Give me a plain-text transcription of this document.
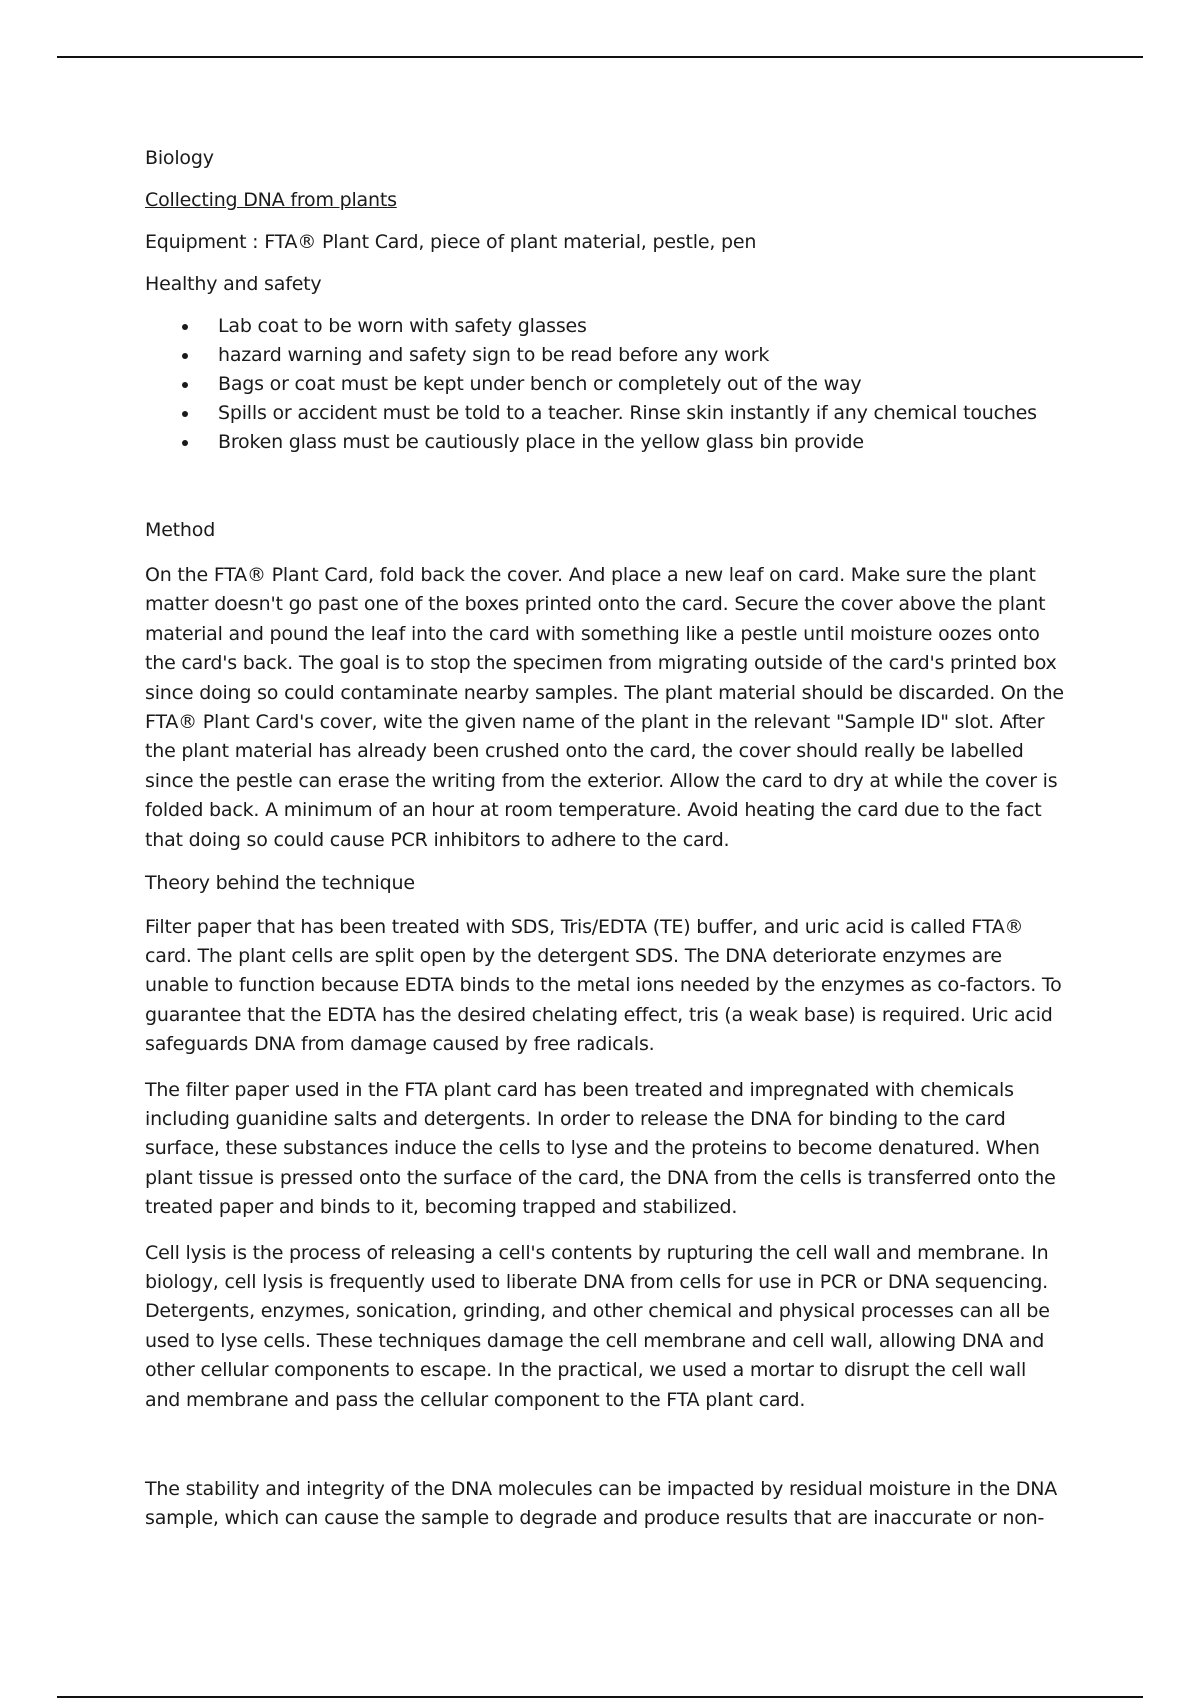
Biology

Collecting DNA from plants

Equipment : FTA® Plant Card, piece of plant material, pestle, pen

Healthy and safety

Lab coat to be worn with safety glasses
hazard warning and safety sign to be read before any work
Bags or coat must be kept under bench or completely out of the way
Spills or accident must be told to a teacher. Rinse skin instantly if any chemical touches
Broken glass must be cautiously place in the yellow glass bin provide

Method

On the FTA® Plant Card, fold back the cover. And place a new leaf on card. Make sure the plant matter doesn't go past one of the boxes printed onto the card. Secure the cover above the plant material and pound the leaf into the card with something like a pestle until moisture oozes onto the card's back. The goal is to stop the specimen from migrating outside of the card's printed box since doing so could contaminate nearby samples. The plant material should be discarded. On the FTA® Plant Card's cover, wite the given name of the plant in the relevant "Sample ID" slot. After the plant material has already been crushed onto the card, the cover should really be labelled since the pestle can erase the writing from the exterior. Allow the card to dry at while the cover is folded back. A minimum of an hour at room temperature. Avoid heating the card due to the fact that doing so could cause PCR inhibitors to adhere to the card.

Theory behind the technique

Filter paper that has been treated with SDS, Tris/EDTA (TE) buffer, and uric acid is called FTA® card. The plant cells are split open by the detergent SDS. The DNA deteriorate enzymes are unable to function because EDTA binds to the metal ions needed by the enzymes as co-factors. To guarantee that the EDTA has the desired chelating effect, tris (a weak base) is required. Uric acid safeguards DNA from damage caused by free radicals.

The filter paper used in the FTA plant card has been treated and impregnated with chemicals including guanidine salts and detergents. In order to release the DNA for binding to the card surface, these substances induce the cells to lyse and the proteins to become denatured. When plant tissue is pressed onto the surface of the card, the DNA from the cells is transferred onto the treated paper and binds to it, becoming trapped and stabilized.

Cell lysis is the process of releasing a cell's contents by rupturing the cell wall and membrane. In biology, cell lysis is frequently used to liberate DNA from cells for use in PCR or DNA sequencing. Detergents, enzymes, sonication, grinding, and other chemical and physical processes can all be used to lyse cells. These techniques damage the cell membrane and cell wall, allowing DNA and other cellular components to escape. In the practical, we used a mortar to disrupt the cell wall and membrane and pass the cellular component to the FTA plant card.

The stability and integrity of the DNA molecules can be impacted by residual moisture in the DNA sample, which can cause the sample to degrade and produce results that are inaccurate or non-
